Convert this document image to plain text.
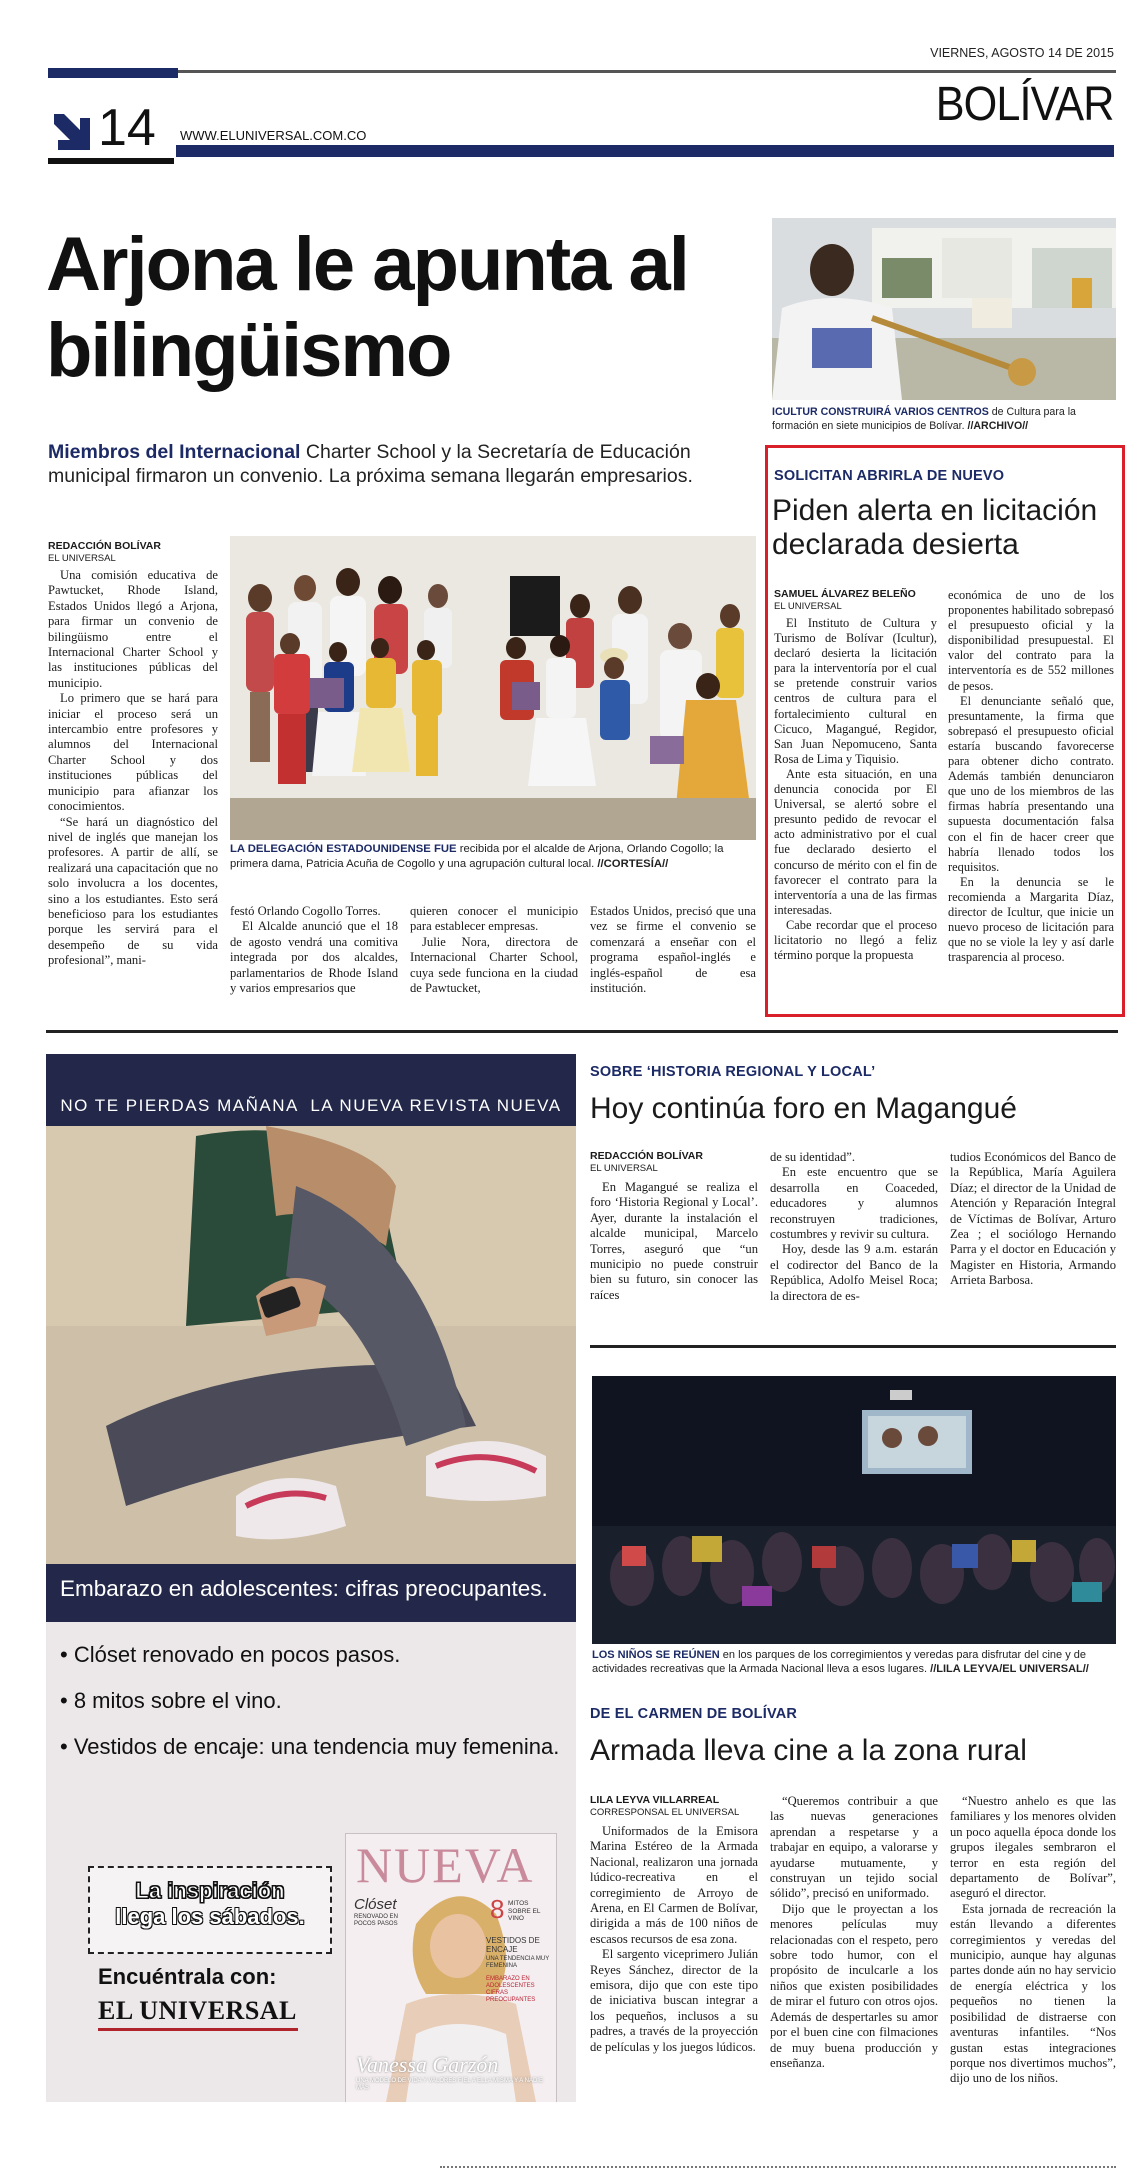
VIERNES, AGOSTO 14 DE 2015
14 WWW.ELUNIVERSAL.COM.CO
BOLÍVAR
Arjona le apunta al bilingüismo
Miembros del Internacional Charter School y la Secretaría de Educación municipal firmaron un convenio. La próxima semana llegarán empresarios.
REDACCIÓN BOLÍVAR
EL UNIVERSAL

Una comisión educativa de Pawtucket, Rhode Island, Estados Unidos llegó a Arjona, para firmar un convenio de bilingüismo entre el Internacional Charter School y las instituciones públicas del municipio.

Lo primero que se hará para iniciar el proceso será un intercambio entre profesores y alumnos del Internacional Charter School y dos instituciones públicas del municipio para afianzar los conocimientos.

“Se hará un diagnóstico del nivel de inglés que manejan los profesores. A partir de allí, se realizará una capacitación que no solo involucra a los docentes, sino a los estudiantes. Esto será beneficioso para los estudiantes porque les servirá para el desempeño de su vida profesional”, mani-

LA DELEGACIÓN ESTADOUNIDENSE FUE recibida por el alcalde de Arjona, Orlando Cogollo; la primera dama, Patricia Acuña de Cogollo y una agrupación cultural local. //CORTESÍA//

festó Orlando Cogollo Torres.

El Alcalde anunció que el 18 de agosto vendrá una comitiva integrada por dos alcaldes, parlamentarios de Rhode Island y varios empresarios que

quieren conocer el municipio para establecer empresas.

Julie Nora, directora de Internacional Charter School, cuya sede funciona en la ciudad de Pawtucket,

Estados Unidos, precisó que una vez se firme el convenio se comenzará a enseñar con el programa español-inglés e inglés-español de esa institución.

ICULTUR CONSTRUIRÁ VARIOS CENTROS de Cultura para la formación en siete municipios de Bolívar. //ARCHIVO//
SOLICITAN ABRIRLA DE NUEVO
Piden alerta en licitación declarada desierta
SAMUEL ÁLVAREZ BELEÑO
EL UNIVERSAL

El Instituto de Cultura y Turismo de Bolívar (Icultur), declaró desierta la licitación para la interventoría por el cual se pretende construir varios centros de cultura para el fortalecimiento cultural en Cicuco, Magangué, Regidor, San Juan Nepomuceno, Santa Rosa de Lima y Tiquisio.

Ante esta situación, en una denuncia conocida por El Universal, se alertó sobre el presunto pedido de revocar el acto administrativo por el cual fue declarado desierto el concurso de mérito con el fin de favorecer el contrato para la interventoría a una de las firmas interesadas.

Cabe recordar que el proceso licitatorio no llegó a feliz término porque la propuesta

económica de uno de los proponentes habilitado sobrepasó el presupuesto oficial y la disponibilidad presupuestal. El valor del contrato para la interventoría es de 552 millones de pesos.

El denunciante señaló que, presuntamente, la firma que sobrepasó el presupuesto oficial estaría buscando favorecerse para obtener dicho contrato. Además también denunciaron que uno de los miembros de las firmas habría presentando una supuesta documentación falsa con el fin de hacer creer que habría llenado todos los requisitos.

En la denuncia se le recomienda a Margarita Díaz, director de Icultur, que inicie un nuevo proceso de licitación para que no se viole la ley y así darle trasparencia al proceso.

NO TE PIERDAS MAÑANA  LA NUEVA REVISTA NUEVA
Embarazo en adolescentes: cifras preocupantes.
• Clóset renovado en pocos pasos.
• 8 mitos sobre el vino.
• Vestidos de encaje: una tendencia muy femenina.
La inspiración
llega los sábados.
Encuéntrala con:
EL UNIVERSAL
NUEVA
Clóset
RENOVADO EN POCOS PASOS	8 MITOS SOBRE EL VINO
VESTIDOS DE ENCAJE
UNA TENDENCIA MUY FEMENINA
EMBARAZO EN ADOLESCENTES CIFRAS PREOCUPANTES
Vanessa Garzón
UNA MODELO DE VIDA Y VALORES FIEL A ELLA MISMA Y A NADIE MÁS
SOBRE ‘HISTORIA REGIONAL Y LOCAL’
Hoy continúa foro en Magangué
REDACCIÓN BOLÍVAR
EL UNIVERSAL

En Magangué se realiza el foro ‘Historia Regional y Local’. Ayer, durante la instalación el alcalde municipal, Marcelo Torres, aseguró que “un municipio no puede construir bien su futuro, sin conocer las raíces

de su identidad”.

En este encuentro que se desarrolla en Coaceded, educadores y alumnos reconstruyen tradiciones, costumbres y revivir su cultura.

Hoy, desde las 9 a.m. estarán el codirector del Banco de la República, Adolfo Meisel Roca; la directora de es-

tudios Económicos del Banco de la República, María Aguilera Díaz; el director de la Unidad de Atención y Reparación Integral de Víctimas de Bolívar, Arturo Zea ; el sociólogo Hernando Parra y el doctor en Educación y Magister en Historia, Armando Arrieta Barbosa.

LOS NIÑOS SE REÚNEN en los parques de los corregimientos y veredas para disfrutar del cine y de actividades recreativas que la Armada Nacional lleva a esos lugares. //LILA LEYVA/EL UNIVERSAL//
DE EL CARMEN DE BOLÍVAR
Armada lleva cine a la zona rural
LILA LEYVA VILLARREAL
CORRESPONSAL EL UNIVERSAL

Uniformados de la Emisora Marina Estéreo de la Armada Nacional, realizaron una jornada lúdico-recreativa en el corregimiento de Arroyo de Arena, en El Carmen de Bolívar, dirigida a más de 100 niños de escasos recursos de esa zona.

El sargento viceprimero Julián Reyes Sánchez, director de la emisora, dijo que con este tipo de iniciativa buscan integrar a los pequeños, inclusos a su padres, a través de la proyección de películas y los juegos lúdicos.

“Queremos contribuir a que las nuevas generaciones aprendan a respetarse y a trabajar en equipo, a valorarse y ayudarse mutuamente, y construyan un tejido social sólido”, precisó en uniformado.

Dijo que le proyectan a los menores películas muy relacionadas con el respeto, pero sobre todo humor, con el propósito de inculcarle a los niños que existen posibilidades de mirar el futuro con otros ojos. Además de despertarles su amor por el buen cine con filmaciones de muy buena producción y enseñanza.

“Nuestro anhelo es que las familiares y los menores olviden un poco aquella época donde los grupos ilegales sembraron el terror en esta región del departamento de Bolívar”, aseguró el director.

Esta jornada de recreación la están llevando a diferentes corregimientos y veredas del municipio, aunque hay algunas partes donde aún no hay servicio de energía eléctrica y los pequeños no tienen la posibilidad de distraerse con aventuras infantiles. “Nos gustan estas integraciones porque nos divertimos muchos”, dijo uno de los niños.
